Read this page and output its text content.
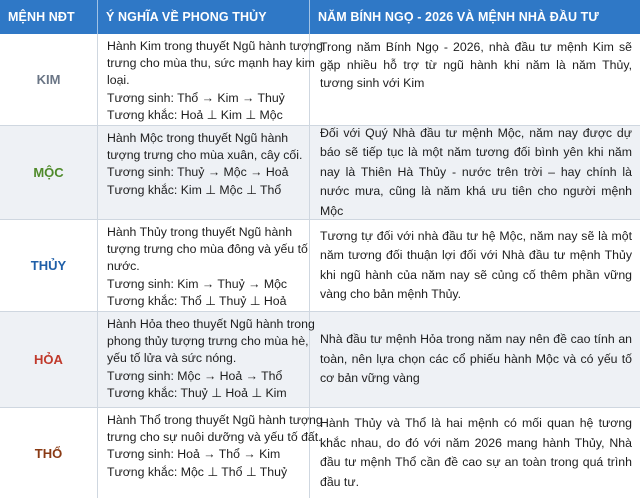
MỆNH NĐT	Ý NGHĨA VỀ PHONG THỦY	NĂM BÍNH NGỌ - 2026 VÀ MỆNH NHÀ ĐẦU TƯ
KIM
Hành Kim trong thuyết Ngũ hành tượng
trưng cho mùa thu, sức mạnh hay kim
loại.
Tương sinh: Thổ → Kim → Thuỷ
Tương khắc: Hoả ⊥ Kim ⊥ Mộc
Trong năm Bính Ngọ - 2026, nhà đầu tư mệnh Kim sẽ gặp nhiều hỗ trợ từ ngũ hành khi năm là năm Thủy, tương sinh với Kim
MỘC
Hành Mộc trong thuyết Ngũ hành
tượng trưng cho mùa xuân, cây cối.
Tương sinh: Thuỷ → Mộc → Hoả
Tương khắc: Kim ⊥ Mộc ⊥ Thổ
Đối với Quý Nhà đầu tư mệnh Mộc, năm nay được dự báo sẽ tiếp tục là một năm tương đối bình yên khi năm nay là Thiên Hà Thủy - nước trên trời – hay chính là nước mưa, cũng là năm khá ưu tiên cho người mệnh Mộc
THỦY
Hành Thủy trong thuyết Ngũ hành
tượng trưng cho mùa đông và yếu tố
nước.
Tương sinh: Kim → Thuỷ → Mộc
Tương khắc: Thổ ⊥ Thuỷ ⊥ Hoả
Tương tự đối với nhà đầu tư hệ Mộc, năm nay sẽ là một năm tương đối thuận lợi đối với Nhà đầu tư mệnh Thủy khi ngũ hành của năm nay sẽ củng cố thêm phần vững vàng cho bản mệnh Thủy.
HỎA
Hành Hỏa theo thuyết Ngũ hành trong
phong thủy tượng trưng cho mùa hè,
yếu tố lửa và sức nóng.
Tương sinh: Mộc → Hoả → Thổ
Tương khắc: Thuỷ ⊥ Hoả ⊥ Kim
Nhà đầu tư mệnh Hỏa trong năm nay nên đề cao tính an toàn, nên lựa chọn các cổ phiếu hành Mộc và có yếu tố cơ bản vững vàng
THỔ
Hành Thổ trong thuyết Ngũ hành tượng
trưng cho sự nuôi dưỡng và yếu tố đất.
Tương sinh: Hoả → Thổ → Kim
Tương khắc: Mộc ⊥ Thổ ⊥ Thuỷ
Hành Thủy và Thổ là hai mệnh có mối quan hệ tương khắc nhau, do đó với năm 2026 mang hành Thủy, Nhà đầu tư mệnh Thổ cần đề cao sự an toàn trong quá trình đầu tư.
